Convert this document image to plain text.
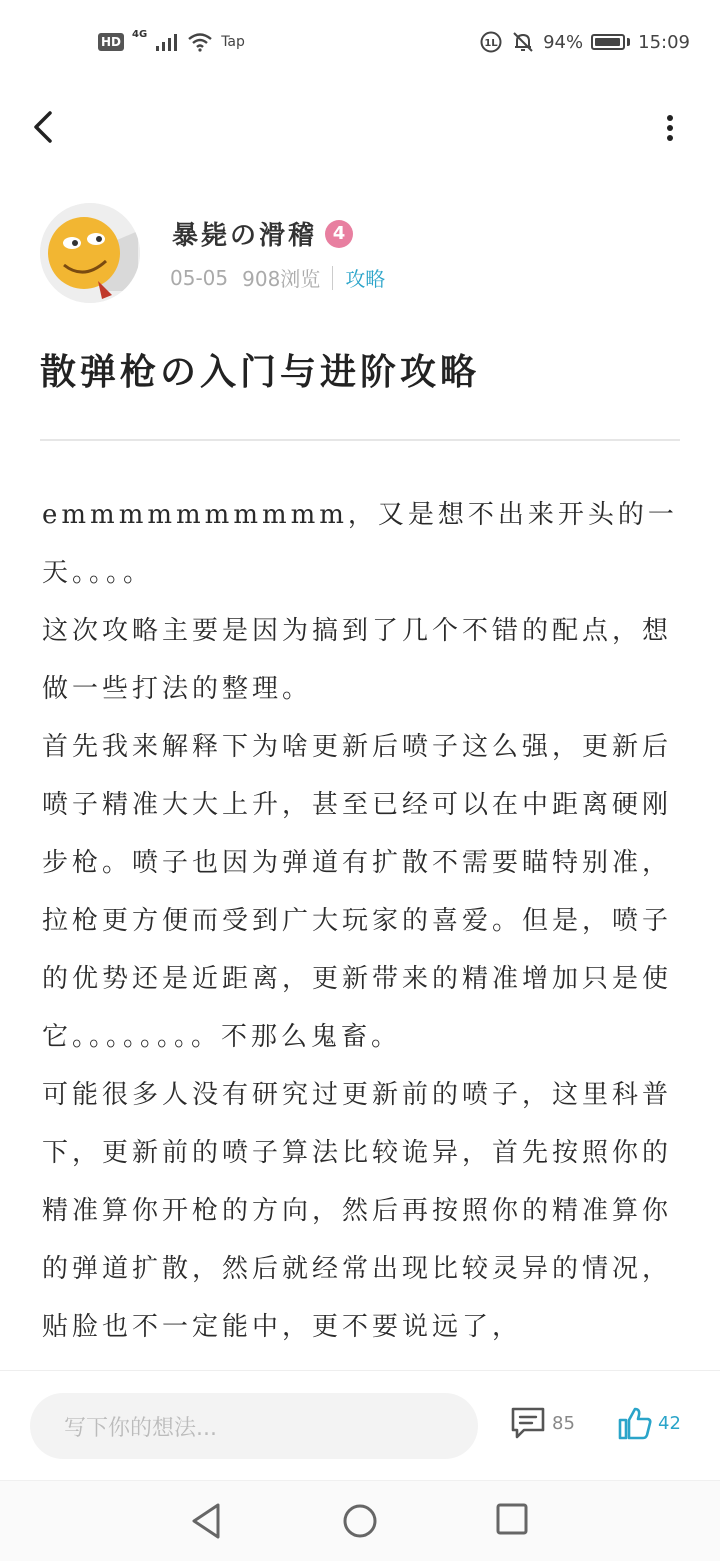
HD
4G	Tap	1L	94%	15:09
暴毙の滑稽 4
05-05 908浏览 攻略
散弹枪の入门与进阶攻略

emmmmmmmmmm，又是想不出来开头的一天。。。。

这次攻略主要是因为搞到了几个不错的配点，想做一些打法的整理。

首先我来解释下为啥更新后喷子这么强，更新后喷子精准大大上升，甚至已经可以在中距离硬刚步枪。喷子也因为弹道有扩散不需要瞄特别准，拉枪更方便而受到广大玩家的喜爱。但是，喷子的优势还是近距离，更新带来的精准增加只是使它。。。。。。。。不那么鬼畜。

可能很多人没有研究过更新前的喷子，这里科普下，更新前的喷子算法比较诡异，首先按照你的精准算你开枪的方向，然后再按照你的精准算你的弹道扩散，然后就经常出现比较灵异的情况，贴脸也不一定能中，更不要说远了，

写下你的想法...	85	42
